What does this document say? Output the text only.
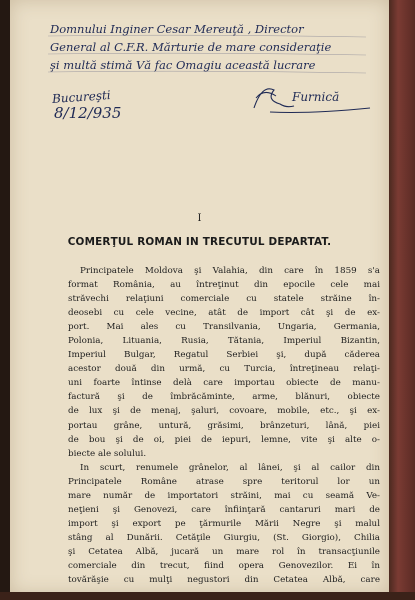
Domnului Inginer Cesar Mereuţă , Director
General al C.F.R. Mărturie de mare consideraţie
şi multă stimă Vă fac Omagiu această lucrare
Bucureşti
8/12/935
Furnică
I
COMERŢUL ROMAN IN TRECUTUL DEPARTAT.
Principatele Moldova şi Valahia, din care în 1859 s'a
format România, au întreţinut din epocile cele mai
străvechi relaţiuni comerciale cu statele străine în-
deosebi cu cele vecine, atât de import cât şi de ex-
port. Mai ales cu Transilvania, Ungaria, Germania,
Polonia, Lituania, Rusia, Tătania, Imperiul Bizantin,
Imperiul Bulgar, Regatul Serbiei şi, după căderea
acestor două din urmă, cu Turcia, întreţineau relaţi-
uni foarte întinse delà care importau obiecte de manu-
factură şi de îmbrăcăminte, arme, blănuri, obiecte
de lux şi de menaj, şaluri, covoare, mobile, etc., şi ex-
portau grâne, untură, grăsimi, brânzeturi, lână, piei
de bou şi de oi, piei de iepuri, lemne, vite şi alte o-
biecte ale solului.
In scurt, renumele grânelor, al lânei, şi al cailor din
Principatele Române atrase spre teritorul lor un
mare număr de importatori străini, mai cu seamă Ve-
neţieni şi Genovezi, care înfiinţară cantaruri mari de
import şi export pe ţărmurile Mării Negre şi malul
stâng al Dunării. Cetăţile Giurgiu, (St. Giorgio), Chilia
şi Cetatea Albă, jucară un mare rol în transacţiunile
comerciale din trecut, fiind opera Genovezilor. Ei în
tovărăşie cu mulţi negustori din Cetatea Albă, care
